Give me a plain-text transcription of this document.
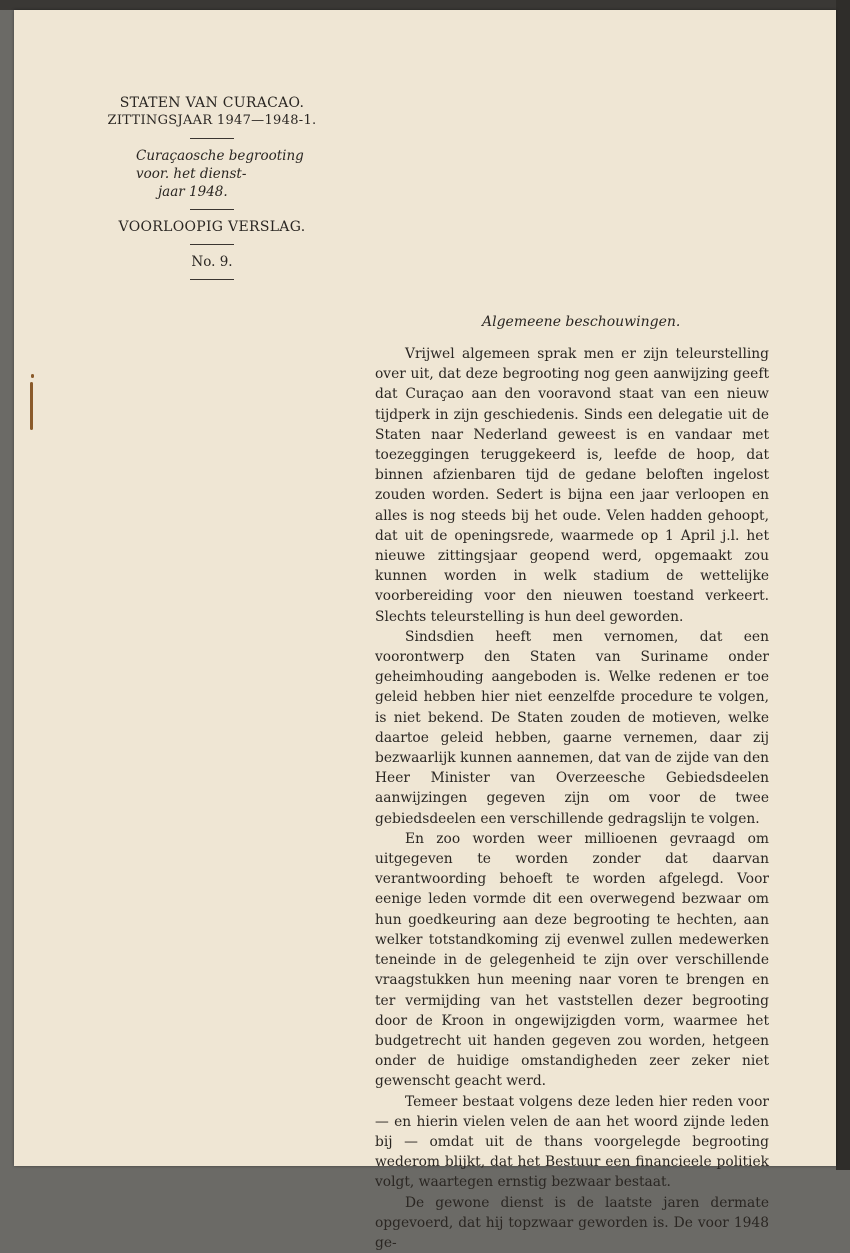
STATEN VAN CURACAO.
ZITTINGSJAAR 1947—1948-1.
Curaçaosche begrooting voor. het dienst-
jaar 1948.
VOORLOOPIG VERSLAG.
No. 9.
Algemeene beschouwingen.

Vrijwel algemeen sprak men er zijn teleurstelling over uit, dat deze begrooting nog geen aanwijzing geeft dat Curaçao aan den vooravond staat van een nieuw tijdperk in zijn geschiedenis. Sinds een delegatie uit de Staten naar Nederland geweest is en vandaar met toezeggingen teruggekeerd is, leefde de hoop, dat binnen afzienbaren tijd de gedane beloften ingelost zouden worden. Sedert is bijna een jaar verloopen en alles is nog steeds bij het oude. Velen hadden gehoopt, dat uit de openingsrede, waarmede op 1 April j.l. het nieuwe zittingsjaar geopend werd, opgemaakt zou kunnen worden in welk stadium de wettelijke voorbereiding voor den nieuwen toestand verkeert. Slechts teleurstelling is hun deel geworden.

Sindsdien heeft men vernomen, dat een voorontwerp den Staten van Suriname onder geheimhouding aangeboden is. Welke redenen er toe geleid hebben hier niet eenzelfde procedure te volgen, is niet bekend. De Staten zouden de motieven, welke daartoe geleid hebben, gaarne vernemen, daar zij bezwaarlijk kunnen aannemen, dat van de zijde van den Heer Minister van Overzeesche Gebiedsdeelen aanwijzingen gegeven zijn om voor de twee gebiedsdeelen een verschillende gedragslijn te volgen.

En zoo worden weer millioenen gevraagd om uitgegeven te worden zonder dat daarvan verantwoording behoeft te worden afgelegd. Voor eenige leden vormde dit een overwegend bezwaar om hun goedkeuring aan deze begrooting te hechten, aan welker totstandkoming zij evenwel zullen medewerken teneinde in de gelegenheid te zijn over verschillende vraagstukken hun meening naar voren te brengen en ter vermijding van het vaststellen dezer begrooting door de Kroon in ongewijzigden vorm, waarmee het budgetrecht uit handen gegeven zou worden, hetgeen onder de huidige omstandigheden zeer zeker niet gewenscht geacht werd.

Temeer bestaat volgens deze leden hier reden voor — en hierin vielen velen de aan het woord zijnde leden bij — omdat uit de thans voorgelegde begrooting wederom blijkt, dat het Bestuur een financieele politiek volgt, waartegen ernstig bezwaar bestaat.

De gewone dienst is de laatste jaren dermate opgevoerd, dat hij topzwaar geworden is. De voor 1948 ge-
